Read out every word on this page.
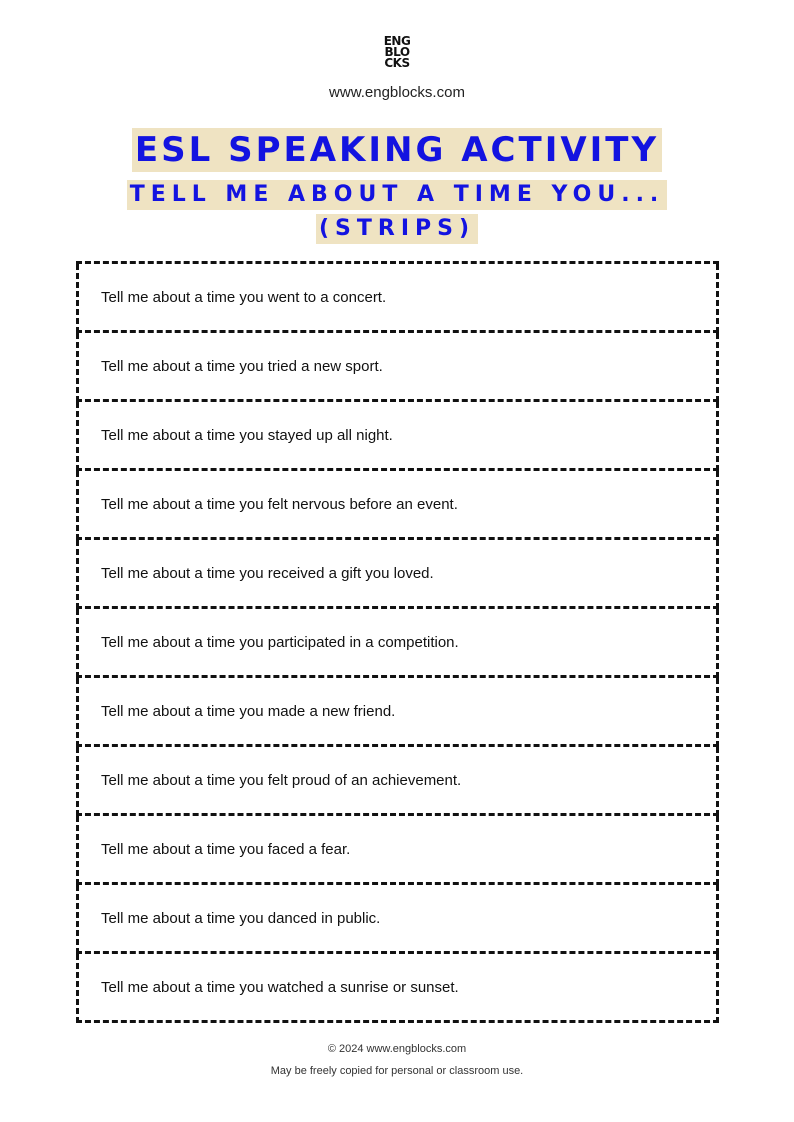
ENG
BLO
CKS
www.engblocks.com
ESL SPEAKING ACTIVITY
TELL ME ABOUT A TIME YOU...
(STRIPS)
Tell me about a time you went to a concert.
Tell me about a time you tried a new sport.
Tell me about a time you stayed up all night.
Tell me about a time you felt nervous before an event.
Tell me about a time you received a gift you loved.
Tell me about a time you participated in a competition.
Tell me about a time you made a new friend.
Tell me about a time you felt proud of an achievement.
Tell me about a time you faced a fear.
Tell me about a time you danced in public.
Tell me about a time you watched a sunrise or sunset.
© 2024 www.engblocks.com
May be freely copied for personal or classroom use.
